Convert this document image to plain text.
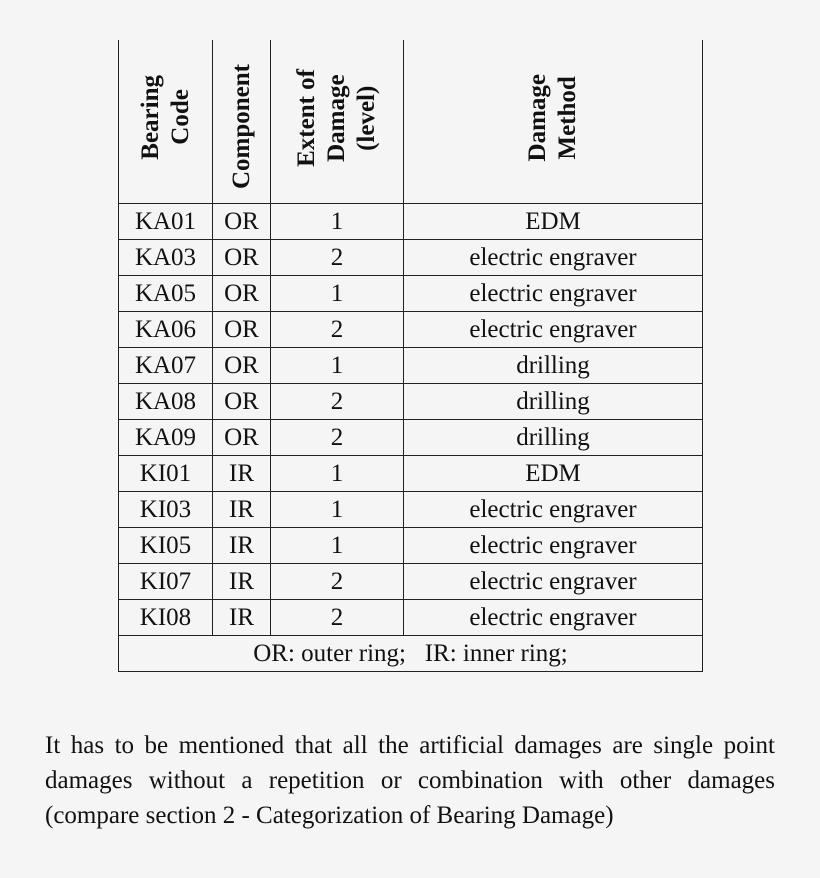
Bearing Code	Component	Extent of Damage (level)	Damage Method
KA01	OR	1	EDM
KA03	OR	2	electric engraver
KA05	OR	1	electric engraver
KA06	OR	2	electric engraver
KA07	OR	1	drilling
KA08	OR	2	drilling
KA09	OR	2	drilling
KI01	IR	1	EDM
KI03	IR	1	electric engraver
KI05	IR	1	electric engraver
KI07	IR	2	electric engraver
KI08	IR	2	electric engraver
OR: outer ring;   IR: inner ring;			

It has to be mentioned that all the artificial damages are single point damages without a repetition or combination with other damages (compare section 2 - Categorization of Bearing Damage)
